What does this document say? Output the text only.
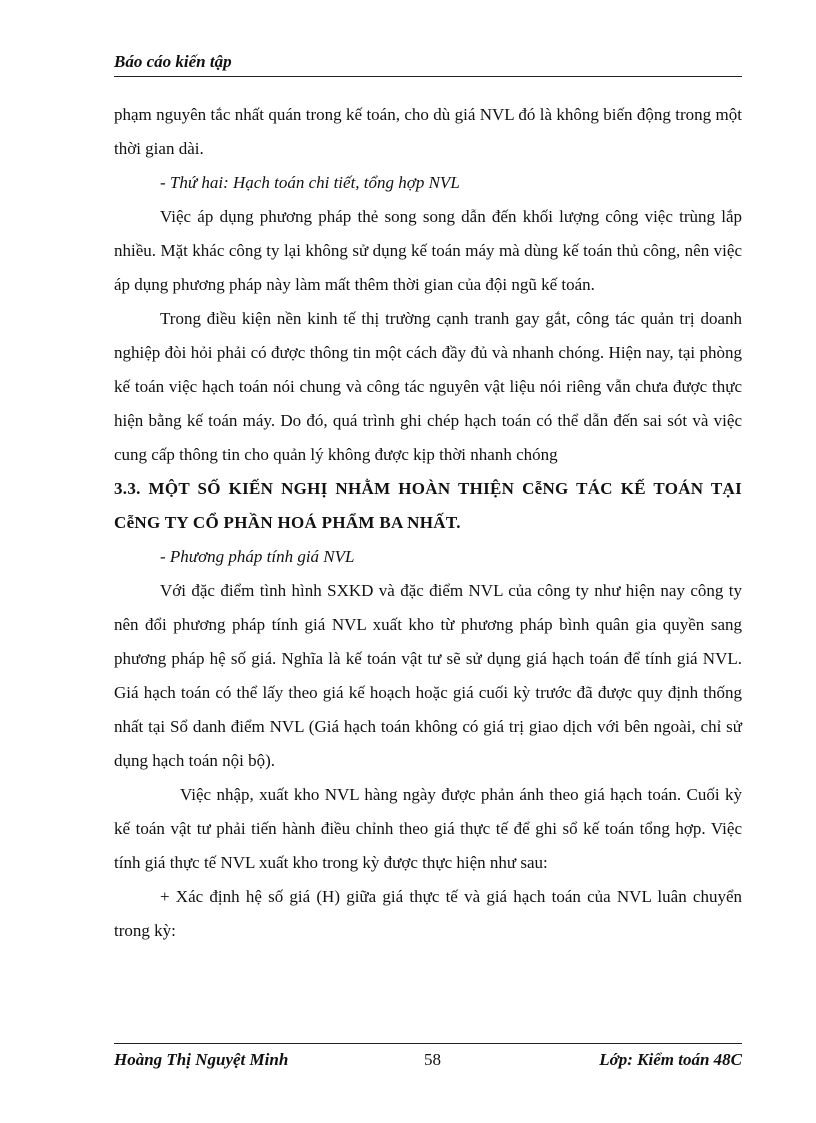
Báo cáo kiến tập

phạm nguyên tắc nhất quán trong kế toán, cho dù giá NVL đó là không biến động trong một thời gian dài.

- Thứ hai: Hạch toán chi tiết, tổng hợp NVL

Việc áp dụng phương pháp thẻ song song dẫn đến khối lượng công việc trùng lắp nhiều. Mặt khác công ty lại không sử dụng kế toán máy mà dùng kế toán thủ công, nên việc áp dụng phương pháp này làm mất thêm thời gian của đội ngũ kế toán.

Trong điều kiện nền kinh tế thị trường cạnh tranh gay gắt, công tác quản trị doanh nghiệp đòi hỏi phải có được thông tin một cách đầy đủ và nhanh chóng. Hiện nay, tại phòng kế toán việc hạch toán nói chung và công tác nguyên vật liệu nói riêng vẫn chưa được thực hiện bằng kế toán máy. Do đó, quá trình ghi chép hạch toán có thể dẫn đến sai sót và việc cung cấp thông tin cho quản lý không được kịp thời nhanh chóng

3.3. MỘT SỐ KIẾN NGHỊ NHẰM HOÀN THIỆN CễNG TÁC KẾ TOÁN TẠI CễNG TY CỔ PHẦN HOÁ PHẨM BA NHẤT.

- Phương pháp tính giá NVL

Với đặc điểm tình hình SXKD và đặc điểm NVL của công ty như hiện nay công ty nên đổi phương pháp tính giá NVL xuất kho từ phương pháp bình quân gia quyền sang phương pháp hệ số giá. Nghĩa là kế toán vật tư sẽ sử dụng giá hạch toán để tính giá NVL. Giá hạch toán có thể lấy theo giá kế hoạch hoặc giá cuối kỳ trước đã được quy định thống nhất tại Sổ danh điểm NVL (Giá hạch toán không có giá trị giao dịch với bên ngoài, chỉ sử dụng hạch toán nội bộ).

Việc nhập, xuất kho NVL hàng ngày được phản ánh theo giá hạch toán. Cuối kỳ kế toán vật tư phải tiến hành điều chỉnh theo giá thực tế để ghi sổ kế toán tổng hợp. Việc tính giá thực tế NVL xuất kho trong kỳ được thực hiện như sau:

+ Xác định hệ số giá (H) giữa giá thực tế và giá hạch toán của NVL luân chuyển trong kỳ:

Hoàng Thị Nguyệt Minh	58	Lớp: Kiểm toán 48C
